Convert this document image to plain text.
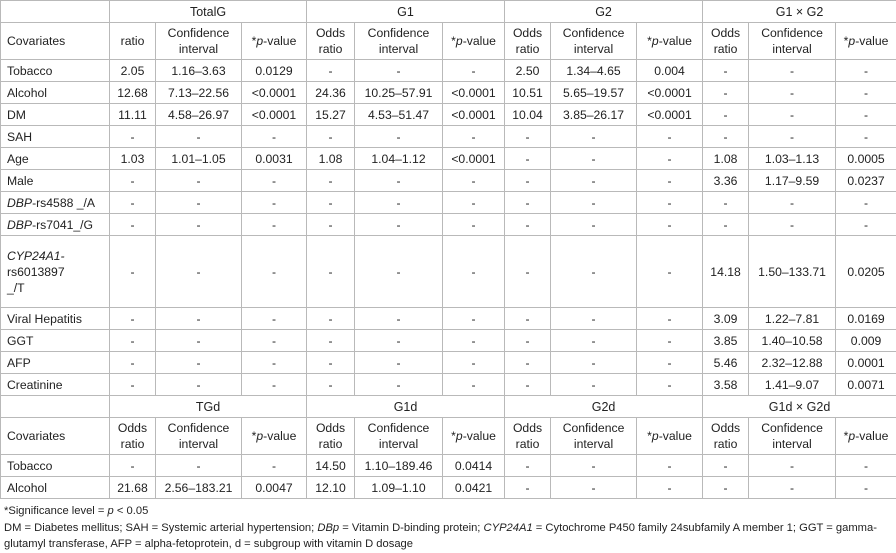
	TotalG			G1			G2			G1 × G2		
Covariates	ratio	Confidence interval	*p-value	Odds ratio	Confidence interval	*p-value	Odds ratio	Confidence interval	*p-value	Odds ratio	Confidence interval	*p-value
Tobacco	2.05	1.16–3.63	0.0129	-	-	-	2.50	1.34–4.65	0.004	-	-	-
Alcohol	12.68	7.13–22.56	<0.0001	24.36	10.25–57.91	<0.0001	10.51	5.65–19.57	<0.0001	-	-	-
DM	11.11	4.58–26.97	<0.0001	15.27	4.53–51.47	<0.0001	10.04	3.85–26.17	<0.0001	-	-	-
SAH	-	-	-	-	-	-	-	-	-	-	-	-
Age	1.03	1.01–1.05	0.0031	1.08	1.04–1.12	<0.0001	-	-	-	1.08	1.03–1.13	0.0005
Male	-	-	-	-	-	-	-	-	-	3.36	1.17–9.59	0.0237
DBP-rs4588 _/A	-	-	-	-	-	-	-	-	-	-	-	-
DBP-rs7041_/G	-	-	-	-	-	-	-	-	-	-	-	-
CYP24A1-
rs6013897
_/T	-	-	-	-	-	-	-	-	-	14.18	1.50–133.71	0.0205
Viral Hepatitis	-	-	-	-	-	-	-	-	-	3.09	1.22–7.81	0.0169
GGT	-	-	-	-	-	-	-	-	-	3.85	1.40–10.58	0.009
AFP	-	-	-	-	-	-	-	-	-	5.46	2.32–12.88	0.0001
Creatinine	-	-	-	-	-	-	-	-	-	3.58	1.41–9.07	0.0071
	TGd			G1d			G2d			G1d × G2d		
Covariates	Odds ratio	Confidence interval	*p-value	Odds ratio	Confidence interval	*p-value	Odds ratio	Confidence interval	*p-value	Odds ratio	Confidence interval	*p-value
Tobacco	-	-	-	14.50	1.10–189.46	0.0414	-	-	-	-	-	-
Alcohol	21.68	2.56–183.21	0.0047	12.10	1.09–1.10	0.0421	-	-	-	-	-	-
*Significance level = p < 0.05
DM = Diabetes mellitus; SAH = Systemic arterial hypertension; DBp = Vitamin D-binding protein; CYP24A1 = Cytochrome P450 family 24subfamily A member 1; GGT = gamma-glutamyl transferase, AFP = alpha-fetoprotein, d = subgroup with vitamin D dosage
